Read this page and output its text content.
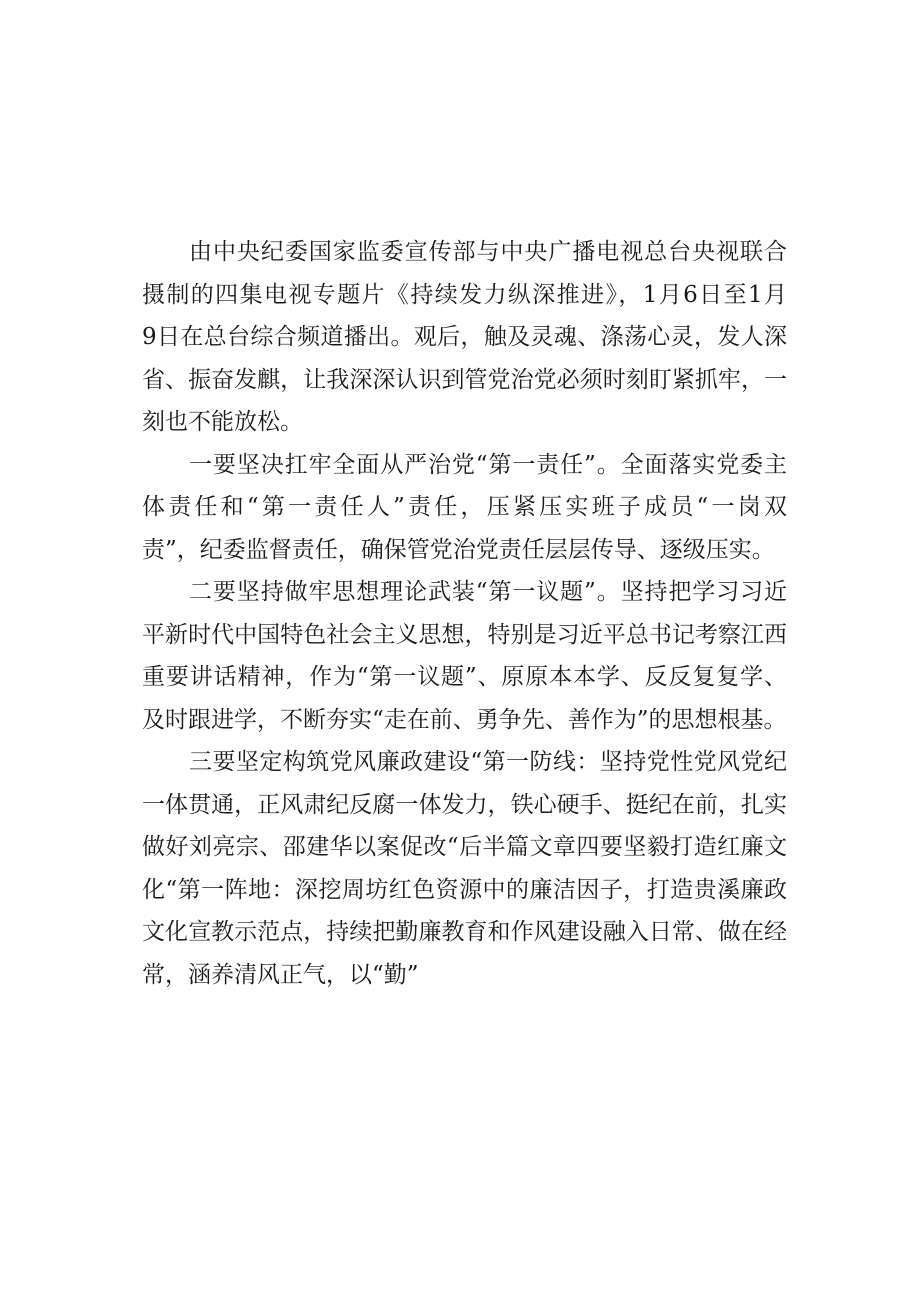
由中央纪委国家监委宣传部与中央广播电视总台央视联合
摄制的四集电视专题片《持续发力纵深推进》，1月6日至1月
9日在总台综合频道播出。观后，触及灵魂、涤荡心灵，发人深
省、振奋发麒，让我深深认识到管党治党必须时刻盯紧抓牢，一
刻也不能放松。
一要坚决扛牢全面从严治党“第一责任”。全面落实党委主
体责任和“第一责任人”责任，压紧压实班子成员“一岗双
责”，纪委监督责任，确保管党治党责任层层传导、逐级压实。
二要坚持做牢思想理论武装“第一议题”。坚持把学习习近
平新时代中国特色社会主义思想，特别是习近平总书记考察江西
重要讲话精神，作为“第一议题”、原原本本学、反反复复学、
及时跟进学，不断夯实“走在前、勇争先、善作为”的思想根基。
三要坚定构筑党风廉政建设“第一防线：坚持党性党风党纪
一体贯通，正风肃纪反腐一体发力，铁心硬手、挺纪在前，扎实
做好刘亮宗、邵建华以案促改“后半篇文章四要坚毅打造红廉文
化“第一阵地：深挖周坊红色资源中的廉洁因子，打造贵溪廉政
文化宣教示范点，持续把勤廉教育和作风建设融入日常、做在经
常，涵养清风正气，以“勤”
